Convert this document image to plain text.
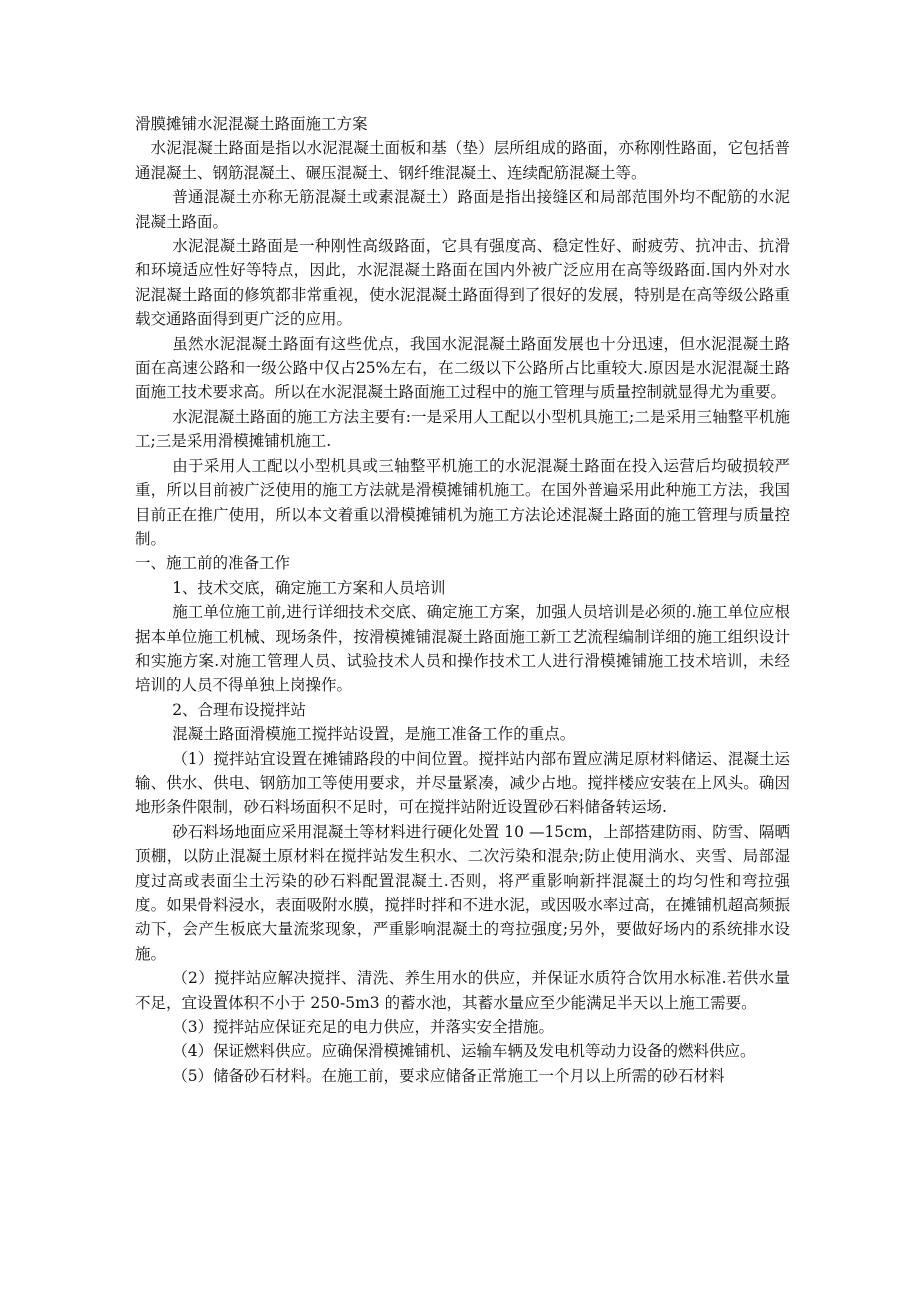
滑膜摊铺水泥混凝土路面施工方案

水泥混凝土路面是指以水泥混凝土面板和基（垫）层所组成的路面，亦称刚性路面，它包括普通混凝土、钢筋混凝土、碾压混凝土、钢纤维混凝土、连续配筋混凝土等。

普通混凝土亦称无筋混凝土或素混凝土）路面是指出接缝区和局部范围外均不配筋的水泥混凝土路面。

水泥混凝土路面是一种刚性高级路面，它具有强度高、稳定性好、耐疲劳、抗冲击、抗滑和环境适应性好等特点，因此，水泥混凝土路面在国内外被广泛应用在高等级路面.国内外对水泥混凝土路面的修筑都非常重视，使水泥混凝土路面得到了很好的发展，特别是在高等级公路重载交通路面得到更广泛的应用。

虽然水泥混凝土路面有这些优点，我国水泥混凝土路面发展也十分迅速，但水泥混凝土路面在高速公路和一级公路中仅占25%左右，在二级以下公路所占比重较大.原因是水泥混凝土路面施工技术要求高。所以在水泥混凝土路面施工过程中的施工管理与质量控制就显得尤为重要。

水泥混凝土路面的施工方法主要有:一是采用人工配以小型机具施工;二是采用三轴整平机施工;三是采用滑模摊铺机施工.

由于采用人工配以小型机具或三轴整平机施工的水泥混凝土路面在投入运营后均破损较严重，所以目前被广泛使用的施工方法就是滑模摊铺机施工。在国外普遍采用此种施工方法，我国目前正在推广使用，所以本文着重以滑模摊铺机为施工方法论述混凝土路面的施工管理与质量控制。

一、施工前的准备工作

1、技术交底，确定施工方案和人员培训

施工单位施工前,进行详细技术交底、确定施工方案，加强人员培训是必须的.施工单位应根据本单位施工机械、现场条件，按滑模摊铺混凝土路面施工新工艺流程编制详细的施工组织设计和实施方案.对施工管理人员、试验技术人员和操作技术工人进行滑模摊铺施工技术培训，未经培训的人员不得单独上岗操作。

2、合理布设搅拌站

混凝土路面滑模施工搅拌站设置，是施工准备工作的重点。

（1）搅拌站宜设置在摊铺路段的中间位置。搅拌站内部布置应满足原材料储运、混凝土运输、供水、供电、钢筋加工等使用要求，并尽量紧凑，减少占地。搅拌楼应安装在上风头。确因地形条件限制，砂石料场面积不足时，可在搅拌站附近设置砂石料储备转运场.

砂石料场地面应采用混凝土等材料进行硬化处置 10 —15cm，上部搭建防雨、防雪、隔晒顶棚，以防止混凝土原材料在搅拌站发生积水、二次污染和混杂;防止使用淌水、夹雪、局部湿度过高或表面尘土污染的砂石料配置混凝土.否则，将严重影响新拌混凝土的均匀性和弯拉强度。如果骨料浸水，表面吸附水膜，搅拌时拌和不进水泥，或因吸水率过高，在摊铺机超高频振动下，会产生板底大量流浆现象，严重影响混凝土的弯拉强度;另外，要做好场内的系统排水设施。

（2）搅拌站应解决搅拌、清洗、养生用水的供应，并保证水质符合饮用水标准.若供水量不足，宜设置体积不小于 250-5m3 的蓄水池，其蓄水量应至少能满足半天以上施工需要。

（3）搅拌站应保证充足的电力供应，并落实安全措施。

（4）保证燃料供应。应确保滑模摊铺机、运输车辆及发电机等动力设备的燃料供应。

（5）储备砂石材料。在施工前，要求应储备正常施工一个月以上所需的砂石材料
